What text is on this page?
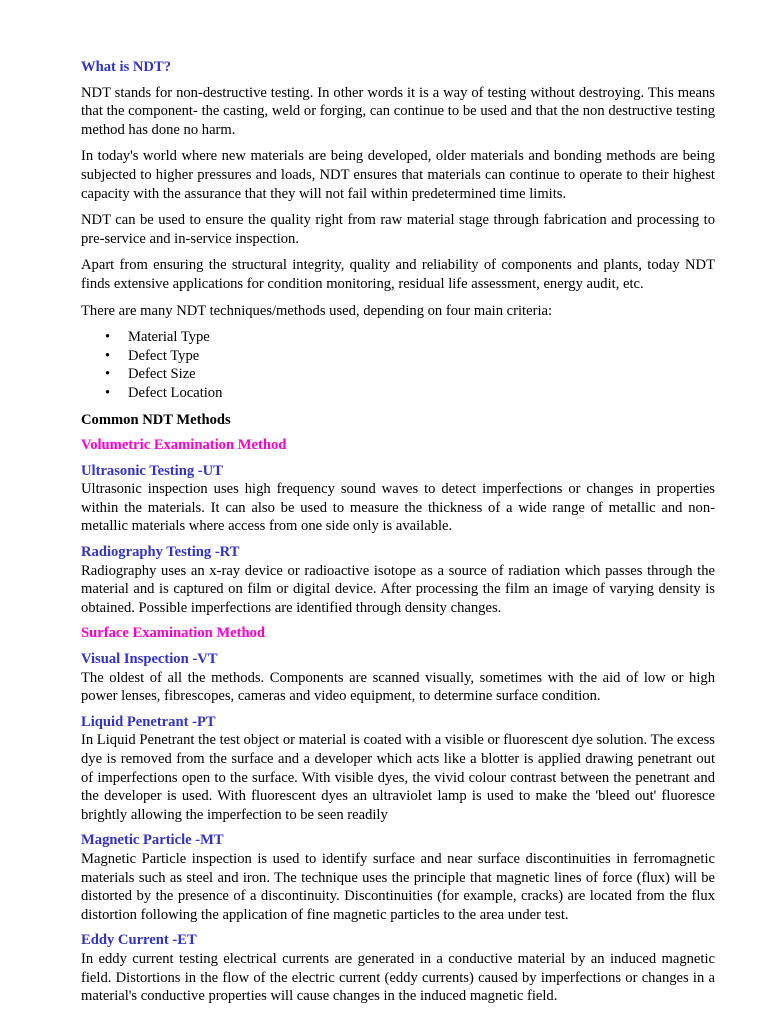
What is NDT?

NDT stands for non-destructive testing. In other words it is a way of testing without destroying. This means that the component- the casting, weld or forging, can continue to be used and that the non destructive testing method has done no harm.

In today's world where new materials are being developed, older materials and bonding methods are being subjected to higher pressures and loads, NDT ensures that materials can continue to operate to their highest capacity with the assurance that they will not fail within predetermined time limits.

NDT can be used to ensure the quality right from raw material stage through fabrication and processing to pre-service and in-service inspection.

Apart from ensuring the structural integrity, quality and reliability of components and plants, today NDT finds extensive applications for condition monitoring, residual life assessment, energy audit, etc.

There are many NDT techniques/methods used, depending on four main criteria:

• Material Type
• Defect Type
• Defect Size
• Defect Location
Common NDT Methods
Volumetric Examination Method
Ultrasonic Testing -UT

Ultrasonic inspection uses high frequency sound waves to detect imperfections or changes in properties within the materials. It can also be used to measure the thickness of a wide range of metallic and non-metallic materials where access from one side only is available.

Radiography Testing -RT

Radiography uses an x-ray device or radioactive isotope as a source of radiation which passes through the material and is captured on film or digital device. After processing the film an image of varying density is obtained. Possible imperfections are identified through density changes.

Surface Examination Method
Visual Inspection -VT

The oldest of all the methods. Components are scanned visually, sometimes with the aid of low or high power lenses, fibrescopes, cameras and video equipment, to determine surface condition.

Liquid Penetrant -PT

In Liquid Penetrant the test object or material is coated with a visible or fluorescent dye solution. The excess dye is removed from the surface and a developer which acts like a blotter is applied drawing penetrant out of imperfections open to the surface. With visible dyes, the vivid colour contrast between the penetrant and the developer is used. With fluorescent dyes an ultraviolet lamp is used to make the 'bleed out' fluoresce brightly allowing the imperfection to be seen readily

Magnetic Particle -MT

Magnetic Particle inspection is used to identify surface and near surface discontinuities in ferromagnetic materials such as steel and iron. The technique uses the principle that magnetic lines of force (flux) will be distorted by the presence of a discontinuity. Discontinuities (for example, cracks) are located from the flux distortion following the application of fine magnetic particles to the area under test.

Eddy Current -ET

In eddy current testing electrical currents are generated in a conductive material by an induced magnetic field. Distortions in the flow of the electric current (eddy currents) caused by imperfections or changes in a material's conductive properties will cause changes in the induced magnetic field.
